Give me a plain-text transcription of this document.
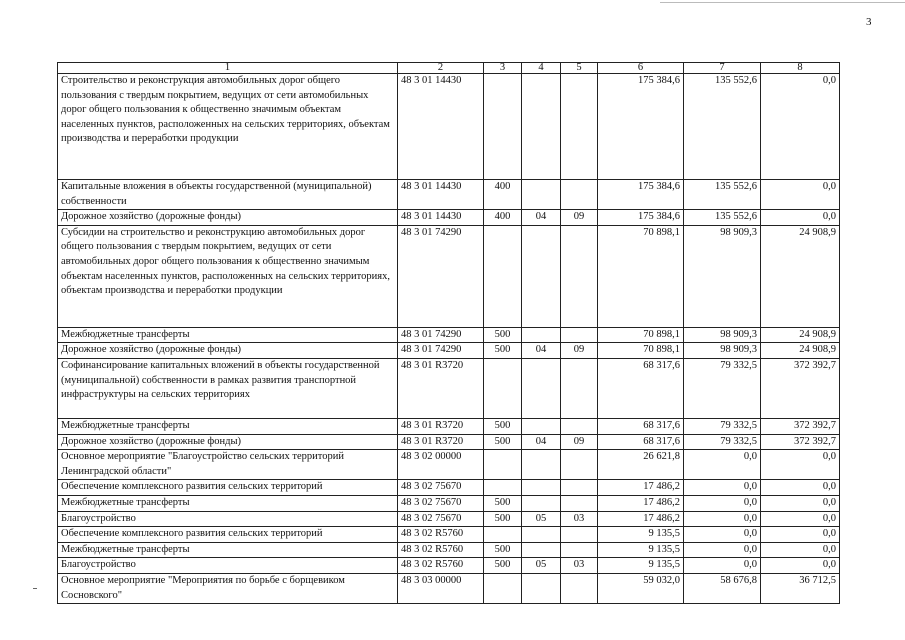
3
1	2	3	4	5	6	7	8
Строительство и реконструкция автомобильных дорог общего пользования с твердым покрытием, ведущих от сети автомобильных дорог общего пользования к общественно значимым объектам населенных пунктов, расположенных на сельских территориях, объектам производства и переработки продукции	48 3 01 14430				175 384,6	135 552,6	0,0
Капитальные вложения в объекты государственной (муниципальной) собственности	48 3 01 14430	400			175 384,6	135 552,6	0,0
Дорожное хозяйство (дорожные фонды)	48 3 01 14430	400	04	09	175 384,6	135 552,6	0,0
Субсидии на строительство и реконструкцию автомобильных дорог общего пользования с твердым покрытием, ведущих от сети автомобильных дорог общего пользования к общественно значимым объектам населенных пунктов, расположенных на сельских территориях, объектам производства и переработки продукции	48 3 01 74290				70 898,1	98 909,3	24 908,9
Межбюджетные трансферты	48 3 01 74290	500			70 898,1	98 909,3	24 908,9
Дорожное хозяйство (дорожные фонды)	48 3 01 74290	500	04	09	70 898,1	98 909,3	24 908,9
Софинансирование капитальных вложений в объекты государственной (муниципальной) собственности в рамках развития транспортной инфраструктуры на сельских территориях	48 3 01 R3720				68 317,6	79 332,5	372 392,7
Межбюджетные трансферты	48 3 01 R3720	500			68 317,6	79 332,5	372 392,7
Дорожное хозяйство (дорожные фонды)	48 3 01 R3720	500	04	09	68 317,6	79 332,5	372 392,7
Основное мероприятие "Благоустройство сельских территорий Ленинградской области"	48 3 02 00000				26 621,8	0,0	0,0
Обеспечение комплексного развития сельских территорий	48 3 02 75670				17 486,2	0,0	0,0
Межбюджетные трансферты	48 3 02 75670	500			17 486,2	0,0	0,0
Благоустройство	48 3 02 75670	500	05	03	17 486,2	0,0	0,0
Обеспечение комплексного развития сельских территорий	48 3 02 R5760				9 135,5	0,0	0,0
Межбюджетные трансферты	48 3 02 R5760	500			9 135,5	0,0	0,0
Благоустройство	48 3 02 R5760	500	05	03	9 135,5	0,0	0,0
Основное мероприятие "Мероприятия по борьбе с борщевиком Сосновского"	48 3 03 00000				59 032,0	58 676,8	36 712,5
